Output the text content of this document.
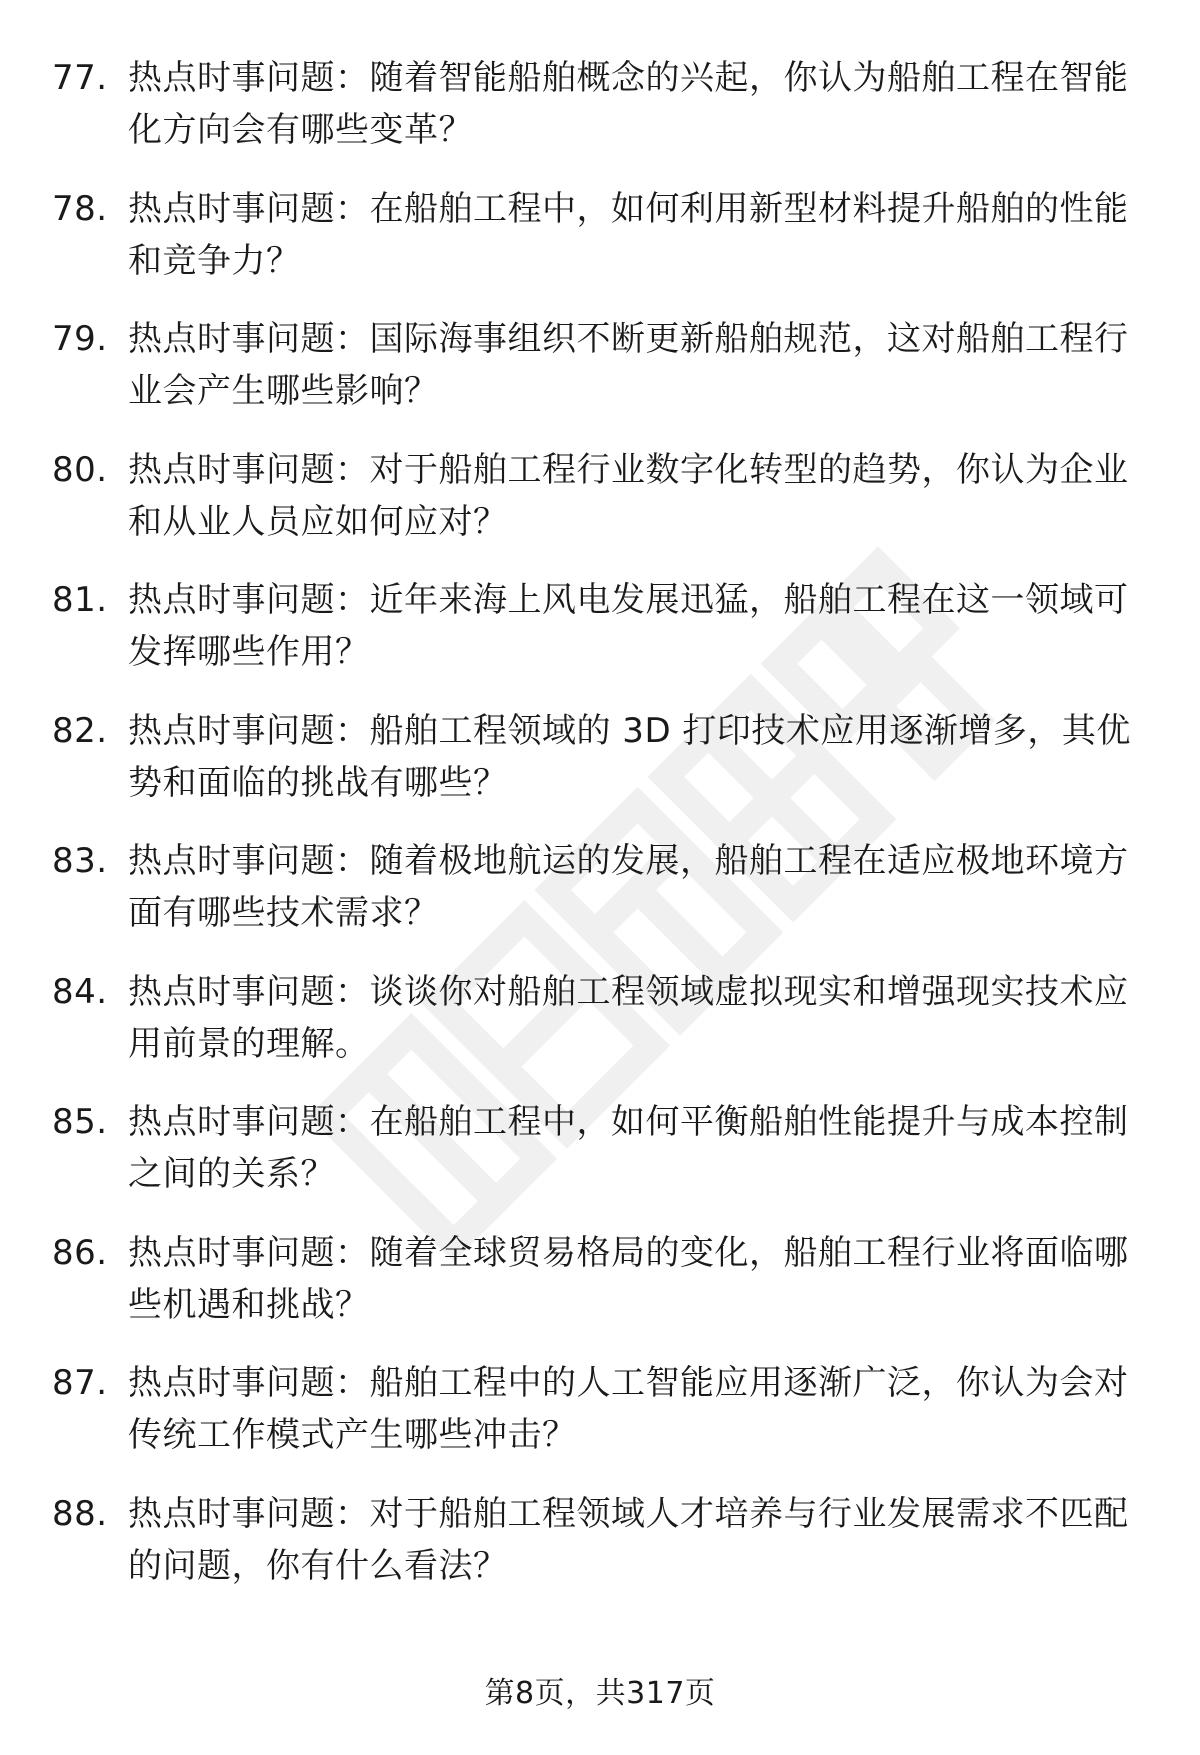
77. 热点时事问题：随着智能船舶概念的兴起，你认为船舶工程在智能化方向会有哪些变革？
78. 热点时事问题：在船舶工程中，如何利用新型材料提升船舶的性能和竞争力？
79. 热点时事问题：国际海事组织不断更新船舶规范，这对船舶工程行业会产生哪些影响？
80. 热点时事问题：对于船舶工程行业数字化转型的趋势，你认为企业和从业人员应如何应对？
81. 热点时事问题：近年来海上风电发展迅猛，船舶工程在这一领域可发挥哪些作用？
82. 热点时事问题：船舶工程领域的 3D 打印技术应用逐渐增多，其优势和面临的挑战有哪些？
83. 热点时事问题：随着极地航运的发展，船舶工程在适应极地环境方面有哪些技术需求？
84. 热点时事问题：谈谈你对船舶工程领域虚拟现实和增强现实技术应用前景的理解。
85. 热点时事问题：在船舶工程中，如何平衡船舶性能提升与成本控制之间的关系？
86. 热点时事问题：随着全球贸易格局的变化，船舶工程行业将面临哪些机遇和挑战？
87. 热点时事问题：船舶工程中的人工智能应用逐渐广泛，你认为会对传统工作模式产生哪些冲击？
88. 热点时事问题：对于船舶工程领域人才培养与行业发展需求不匹配的问题，你有什么看法？
第8页，共317页
